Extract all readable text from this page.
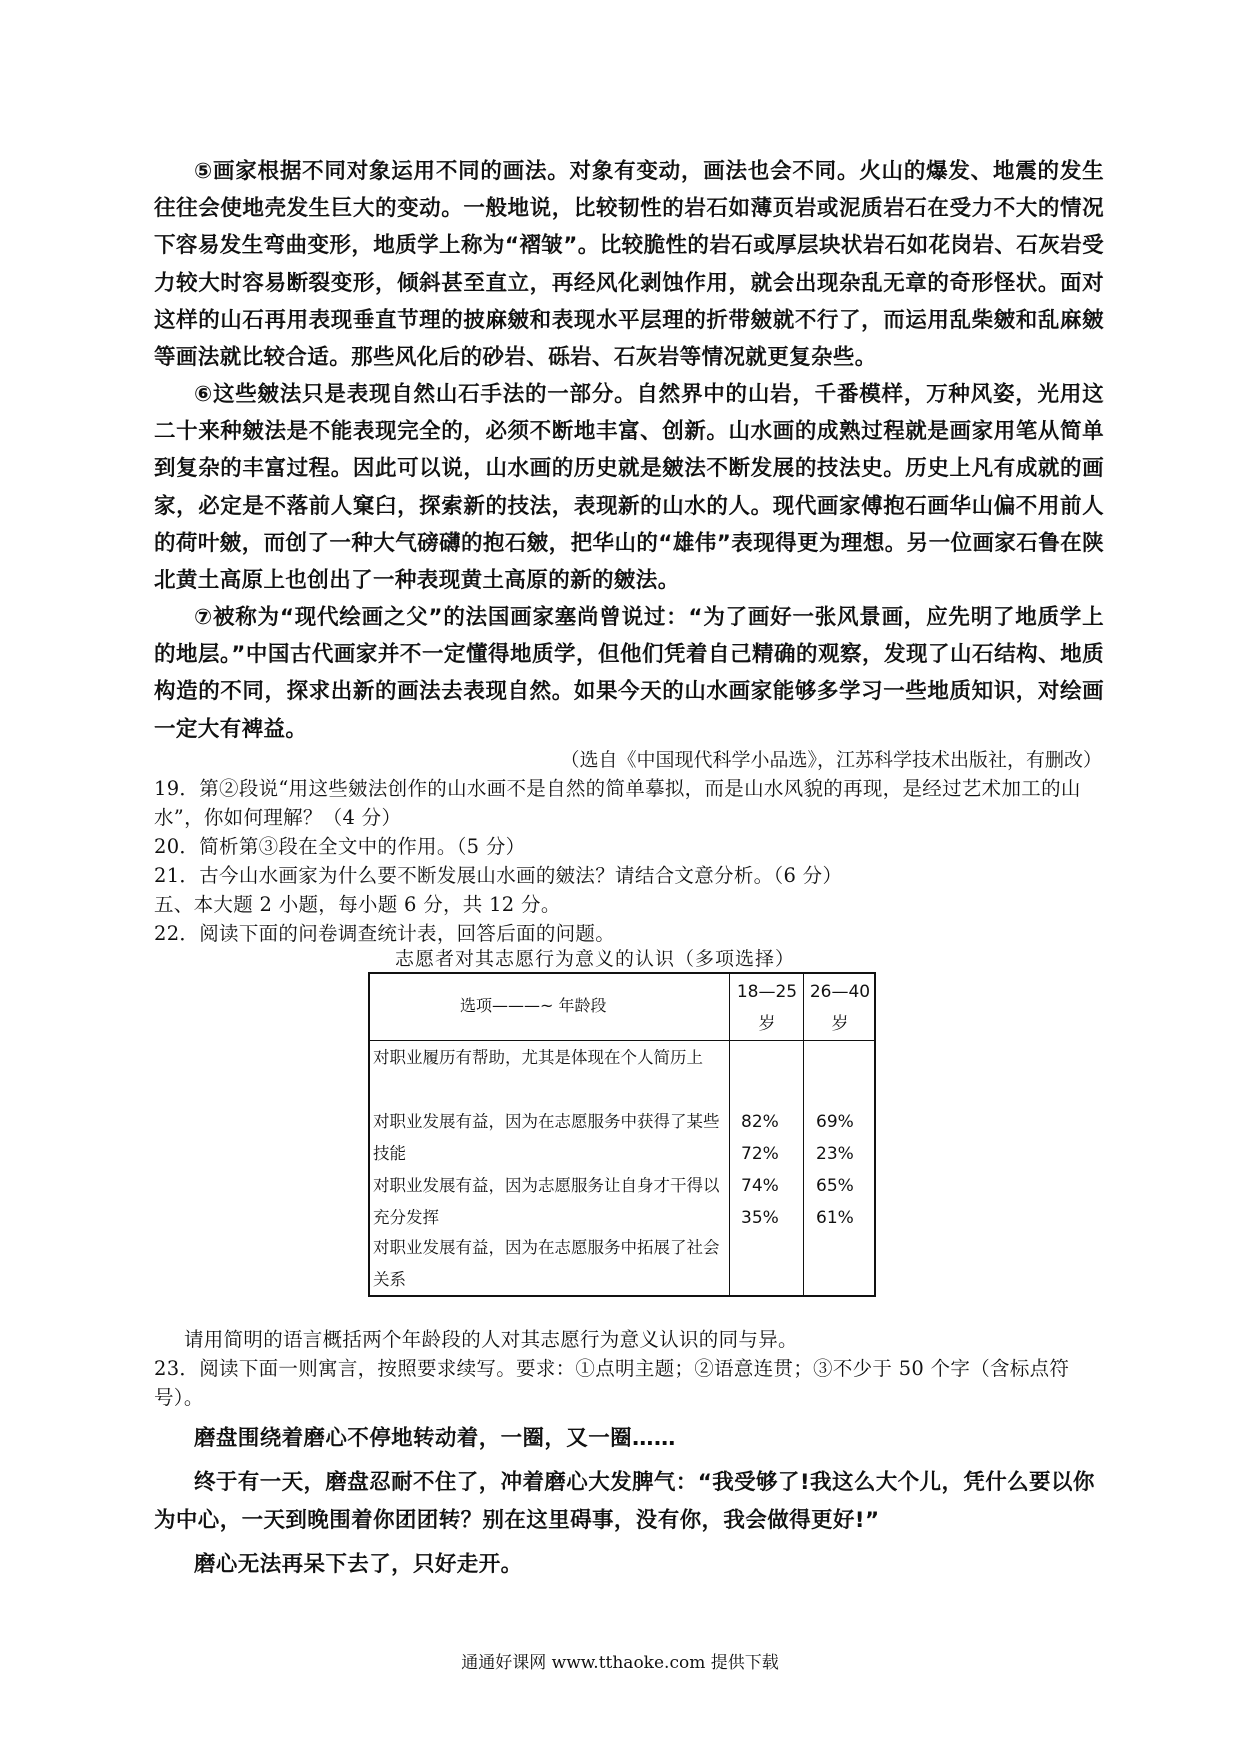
⑤画家根据不同对象运用不同的画法。对象有变动，画法也会不同。火山的爆发、地震的发生往往会使地壳发生巨大的变动。一般地说，比较韧性的岩石如薄页岩或泥质岩石在受力不大的情况下容易发生弯曲变形，地质学上称为“褶皱”。比较脆性的岩石或厚层块状岩石如花岗岩、石灰岩受力较大时容易断裂变形，倾斜甚至直立，再经风化剥蚀作用，就会出现杂乱无章的奇形怪状。面对这样的山石再用表现垂直节理的披麻皴和表现水平层理的折带皴就不行了，而运用乱柴皴和乱麻皴等画法就比较合适。那些风化后的砂岩、砾岩、石灰岩等情况就更复杂些。

⑥这些皴法只是表现自然山石手法的一部分。自然界中的山岩，千番模样，万种风姿，光用这二十来种皴法是不能表现完全的，必须不断地丰富、创新。山水画的成熟过程就是画家用笔从简单到复杂的丰富过程。因此可以说，山水画的历史就是皴法不断发展的技法史。历史上凡有成就的画家，必定是不落前人窠臼，探索新的技法，表现新的山水的人。现代画家傅抱石画华山偏不用前人的荷叶皴，而创了一种大气磅礴的抱石皴，把华山的“雄伟”表现得更为理想。另一位画家石鲁在陕北黄土高原上也创出了一种表现黄土高原的新的皴法。

⑦被称为“现代绘画之父”的法国画家塞尚曾说过：“为了画好一张风景画，应先明了地质学上的地层。”中国古代画家并不一定懂得地质学，但他们凭着自己精确的观察，发现了山石结构、地质构造的不同，探求出新的画法去表现自然。如果今天的山水画家能够多学习一些地质知识，对绘画一定大有裨益。

（选自《中国现代科学小品选》，江苏科学技术出版社，有删改）

19．第②段说“用这些皴法创作的山水画不是自然的简单摹拟，而是山水风貌的再现，是经过艺术加工的山水”，你如何理解？（4 分）

20．简析第③段在全文中的作用。（5 分）

21．古今山水画家为什么要不断发展山水画的皴法？请结合文意分析。（6 分）

五、本大题 2 小题，每小题 6 分，共 12 分。

22．阅读下面的问卷调查统计表，回答后面的问题。

志愿者对其志愿行为意义的认识（多项选择）

选项———~ 年龄段
18—25 岁
26—40 岁
对职业履历有帮助，尤其是体现在个人简历上
对职业发展有益，因为在志愿服务中获得了某些技能
对职业发展有益，因为志愿服务让自身才干得以充分发挥
对职业发展有益，因为在志愿服务中拓展了社会关系
82%
72%
74%
35%
69%
23%
65%
61%

请用简明的语言概括两个年龄段的人对其志愿行为意义认识的同与异。

23．阅读下面一则寓言，按照要求续写。要求：①点明主题；②语意连贯；③不少于 50 个字（含标点符号）。

磨盘围绕着磨心不停地转动着，一圈，又一圈……

终于有一天，磨盘忍耐不住了，冲着磨心大发脾气：“我受够了!我这么大个儿，凭什么要以你为中心，一天到晚围着你团团转？别在这里碍事，没有你，我会做得更好!”

磨心无法再呆下去了，只好走开。

通通好课网 www.tthaoke.com 提供下载
